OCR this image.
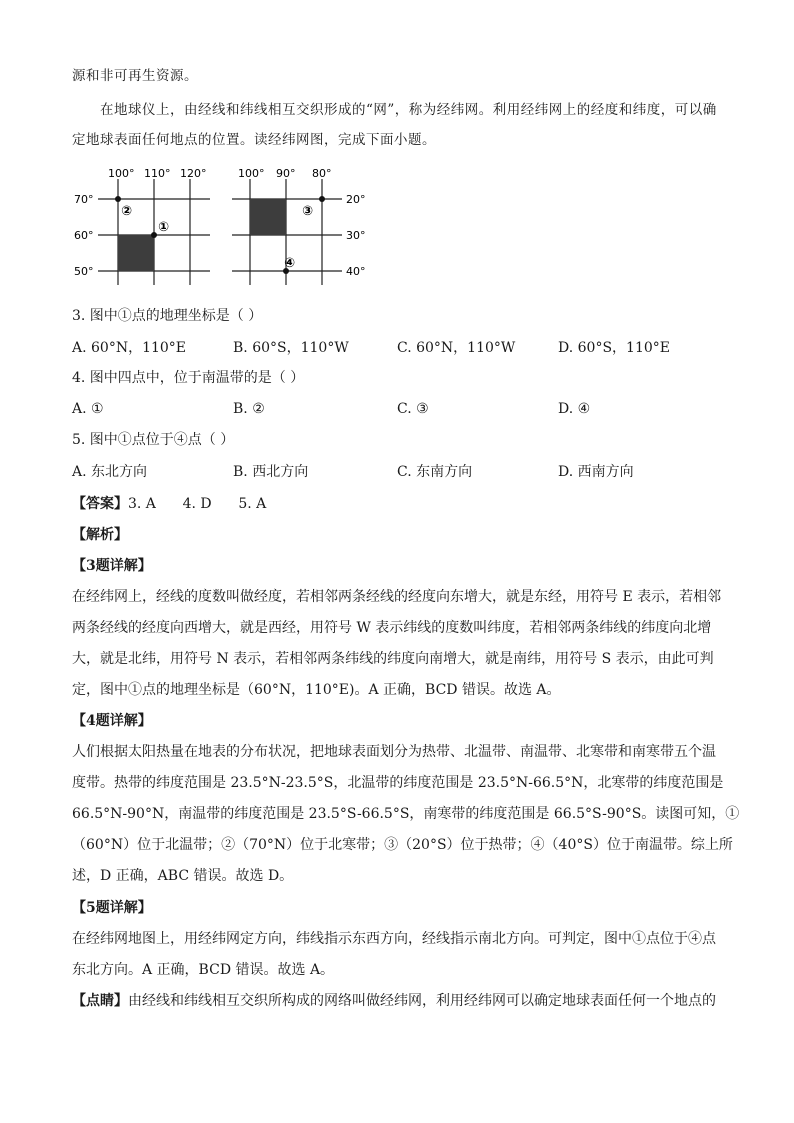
源和非可再生资源。
在地球仪上，由经线和纬线相互交织形成的“网”，称为经纬网。利用经纬网上的经度和纬度，可以确
定地球表面任何地点的位置。读经纬网图，完成下面小题。
100° 110° 120°
70°
60°
50°
②
①
100° 90° 80°
20°
30°
40°
③
④
3. 图中①点的地理坐标是（ ）
A. 60°N，110°E	B. 60°S，110°W	C. 60°N，110°W	D. 60°S，110°E
4. 图中四点中，位于南温带的是（ ）
A. ①	B. ②	C. ③	D. ④
5. 图中①点位于④点（ ）
A. 东北方向	B. 西北方向	C. 东南方向	D. 西南方向
【答案】3. A      4. D      5. A
【解析】
【3题详解】
在经纬网上，经线的度数叫做经度，若相邻两条经线的经度向东增大，就是东经，用符号 E 表示，若相邻
两条经线的经度向西增大，就是西经，用符号 W 表示纬线的度数叫纬度，若相邻两条纬线的纬度向北增
大，就是北纬，用符号 N 表示，若相邻两条纬线的纬度向南增大，就是南纬，用符号 S 表示，由此可判
定，图中①点的地理坐标是（60°N，110°E)。A 正确，BCD 错误。故选 A。
【4题详解】
人们根据太阳热量在地表的分布状况，把地球表面划分为热带、北温带、南温带、北寒带和南寒带五个温
度带。热带的纬度范围是 23.5°N-23.5°S，北温带的纬度范围是 23.5°N-66.5°N，北寒带的纬度范围是
66.5°N-90°N，南温带的纬度范围是 23.5°S-66.5°S，南寒带的纬度范围是 66.5°S-90°S。读图可知，①
（60°N）位于北温带；②（70°N）位于北寒带；③（20°S）位于热带；④（40°S）位于南温带。综上所
述，D 正确，ABC 错误。故选 D。
【5题详解】
在经纬网地图上，用经纬网定方向，纬线指示东西方向，经线指示南北方向。可判定，图中①点位于④点
东北方向。A 正确，BCD 错误。故选 A。
【点睛】由经线和纬线相互交织所构成的网络叫做经纬网，利用经纬网可以确定地球表面任何一个地点的
